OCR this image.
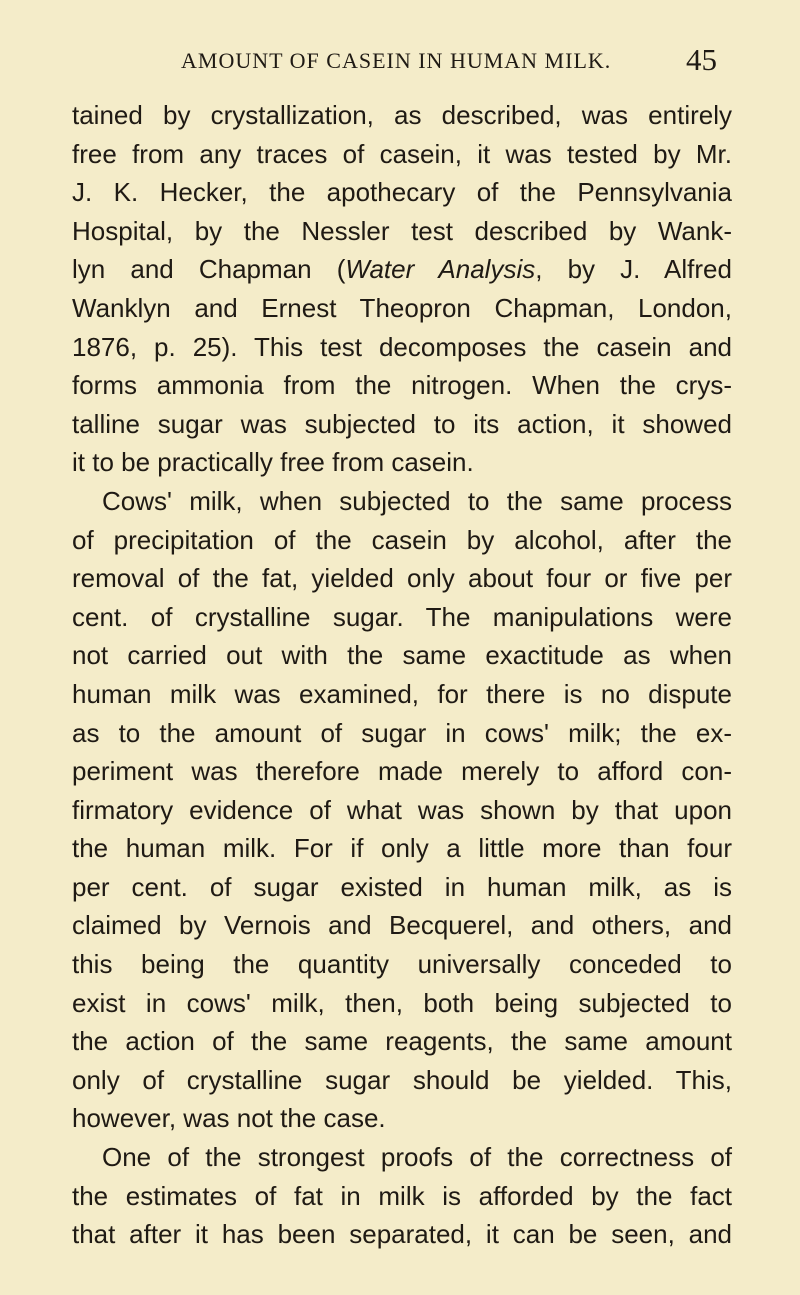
AMOUNT OF CASEIN IN HUMAN MILK. 45
tained by crystallization, as described, was entirely
free from any traces of casein, it was tested by Mr.
J. K. Hecker, the apothecary of the Pennsylvania
Hospital, by the Nessler test described by Wank-
lyn and Chapman (Water Analysis, by J. Alfred
Wanklyn and Ernest Theopron Chapman, London,
1876, p. 25). This test decomposes the casein and
forms ammonia from the nitrogen. When the crys-
talline sugar was subjected to its action, it showed
it to be practically free from casein.
Cows' milk, when subjected to the same process
of precipitation of the casein by alcohol, after the
removal of the fat, yielded only about four or five per
cent. of crystalline sugar. The manipulations were
not carried out with the same exactitude as when
human milk was examined, for there is no dispute
as to the amount of sugar in cows' milk; the ex-
periment was therefore made merely to afford con-
firmatory evidence of what was shown by that upon
the human milk. For if only a little more than four
per cent. of sugar existed in human milk, as is
claimed by Vernois and Becquerel, and others, and
this being the quantity universally conceded to
exist in cows' milk, then, both being subjected to
the action of the same reagents, the same amount
only of crystalline sugar should be yielded. This,
however, was not the case.
One of the strongest proofs of the correctness of
the estimates of fat in milk is afforded by the fact
that after it has been separated, it can be seen, and
